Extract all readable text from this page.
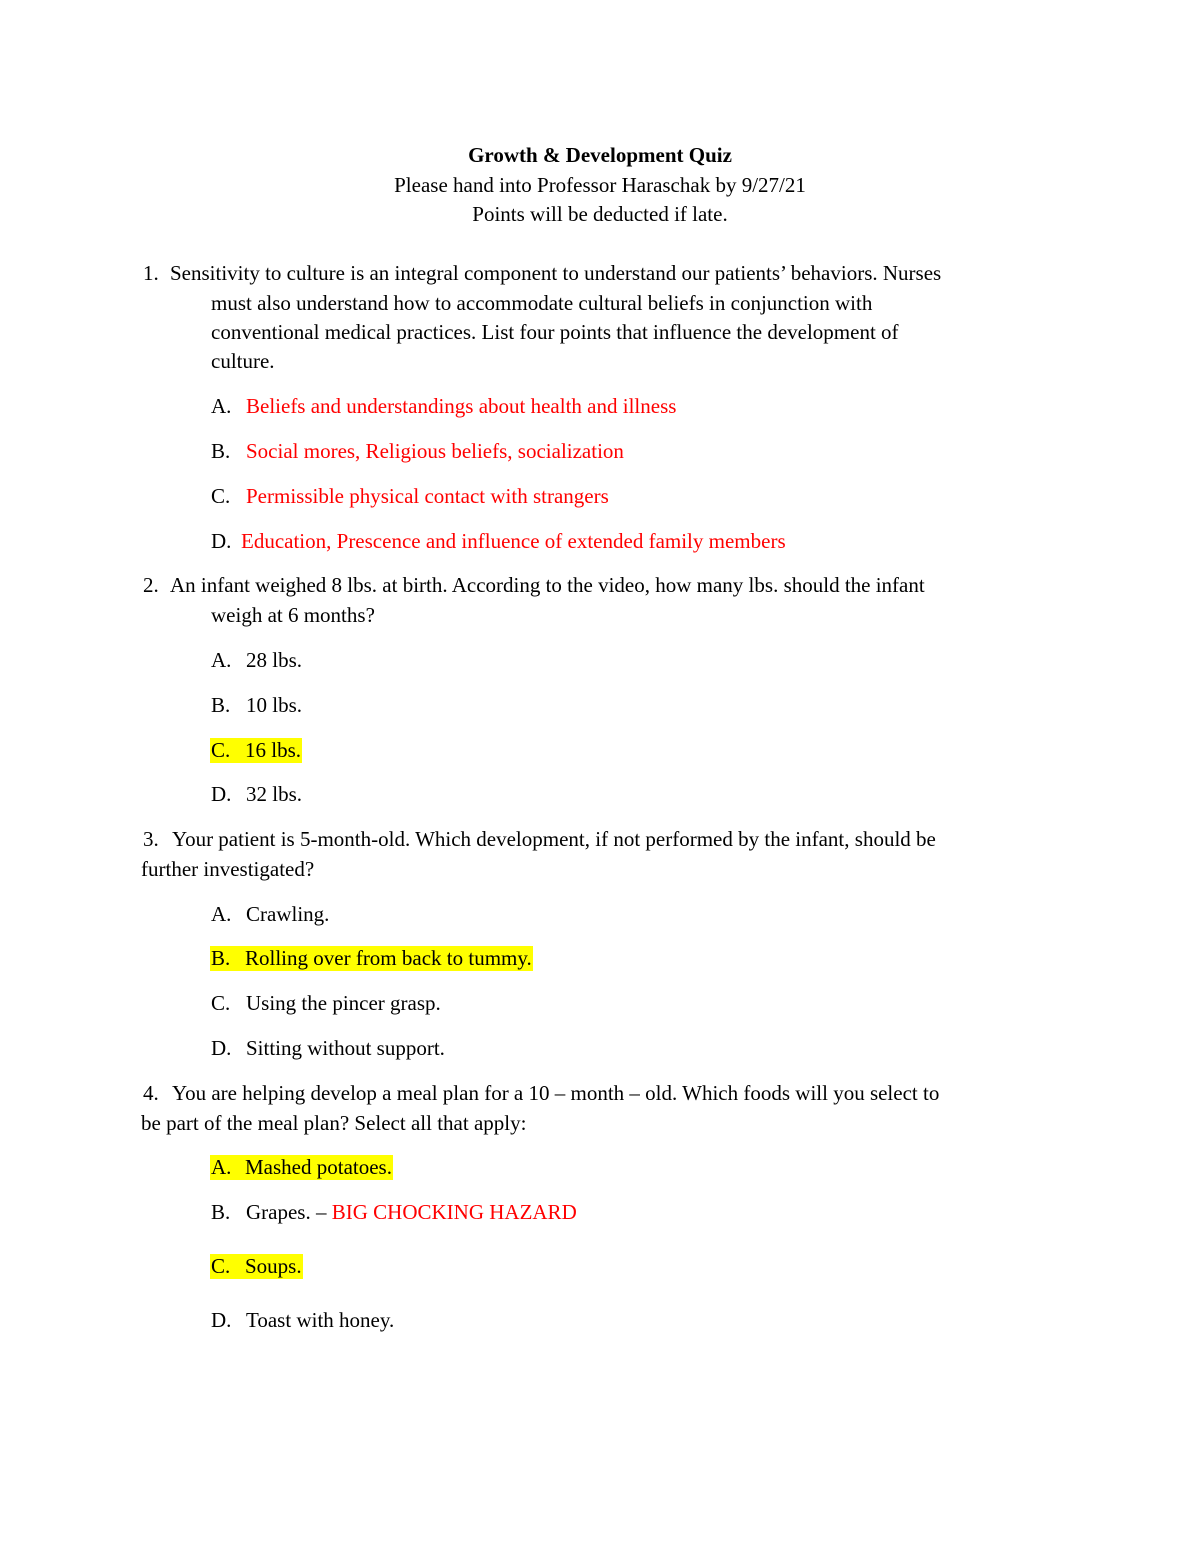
Growth & Development Quiz
Please hand into Professor Haraschak by 9/27/21
Points will be deducted if late.
1. Sensitivity to culture is an integral component to understand our patients’ behaviors. Nurses
must also understand how to accommodate cultural beliefs in conjunction with
conventional medical practices. List four points that influence the development of
culture.
A. Beliefs and understandings about health and illness
B. Social mores, Religious beliefs, socialization
C. Permissible physical contact with strangers
D. Education, Prescence and influence of extended family members
2. An infant weighed 8 lbs. at birth. According to the video, how many lbs. should the infant
weigh at 6 months?
A. 28 lbs.
B. 10 lbs.
C. 16 lbs.
D. 32 lbs.
3. Your patient is 5-month-old. Which development, if not performed by the infant, should be
further investigated?
A. Crawling.
B. Rolling over from back to tummy.
C. Using the pincer grasp.
D. Sitting without support.
4. You are helping develop a meal plan for a 10 – month – old. Which foods will you select to
be part of the meal plan? Select all that apply:
A. Mashed potatoes.
B. Grapes. – BIG CHOCKING HAZARD
C. Soups.
D. Toast with honey.
